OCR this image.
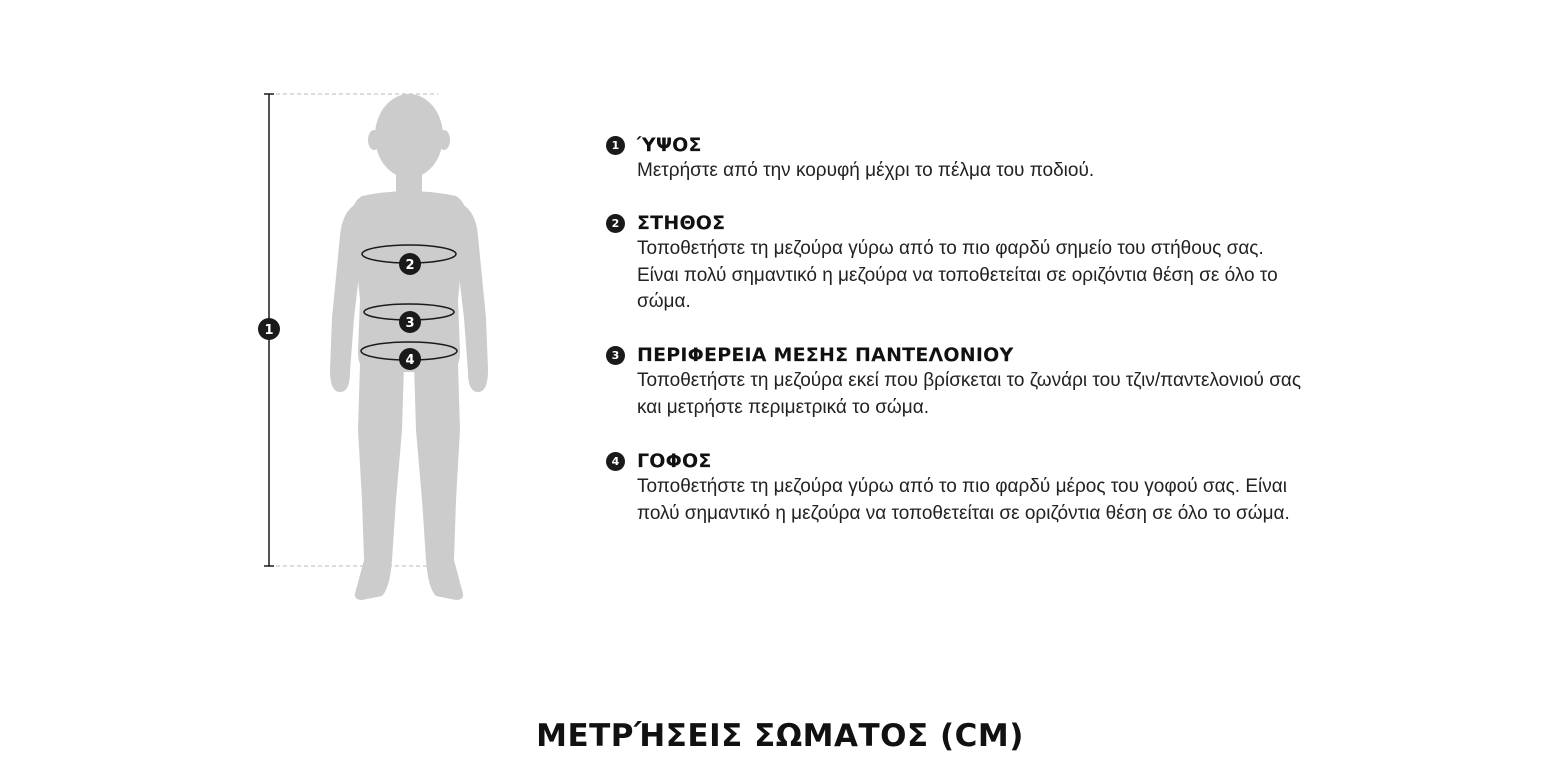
1
2
3
4
1 ΎΨΟΣ
Μετρήστε από την κορυφή μέχρι το πέλμα του ποδιού.
2 ΣΤΗΘΟΣ
Τοποθετήστε τη μεζούρα γύρω από το πιο φαρδύ σημείο του στήθους σας. Είναι πολύ σημαντικό η μεζούρα να τοποθετείται σε οριζόντια θέση σε όλο το σώμα.
3 ΠΕΡΙΦΕΡΕΙΑ ΜΕΣΗΣ ΠΑΝΤΕΛΟΝΙΟΥ
Τοποθετήστε τη μεζούρα εκεί που βρίσκεται το ζωνάρι του τζιν/παντελονιού σας και μετρήστε περιμετρικά το σώμα.
4 ΓΟΦΟΣ
Τοποθετήστε τη μεζούρα γύρω από το πιο φαρδύ μέρος του γοφού σας. Είναι πολύ σημαντικό η μεζούρα να τοποθετείται σε οριζόντια θέση σε όλο το σώμα.
ΜΕΤΡΉΣΕΙΣ ΣΩΜΑΤΟΣ (CM)
